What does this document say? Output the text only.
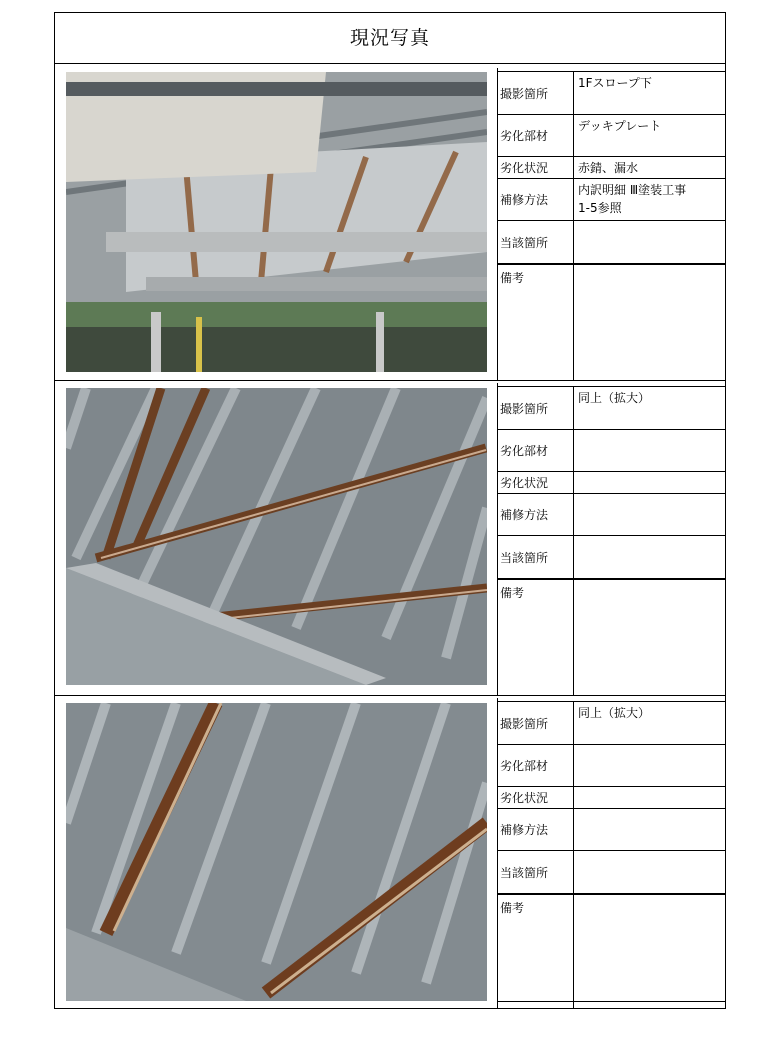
現況写真
撮影箇所
1Fスロープ下
劣化部材
デッキプレート
劣化状況	赤錆、漏水
補修方法
内訳明細 Ⅲ塗装工事
1-5参照
当該箇所
備考
撮影箇所
同上（拡大）
劣化部材
劣化状況
補修方法
当該箇所
備考
撮影箇所
同上（拡大）
劣化部材
劣化状況
補修方法
当該箇所
備考
